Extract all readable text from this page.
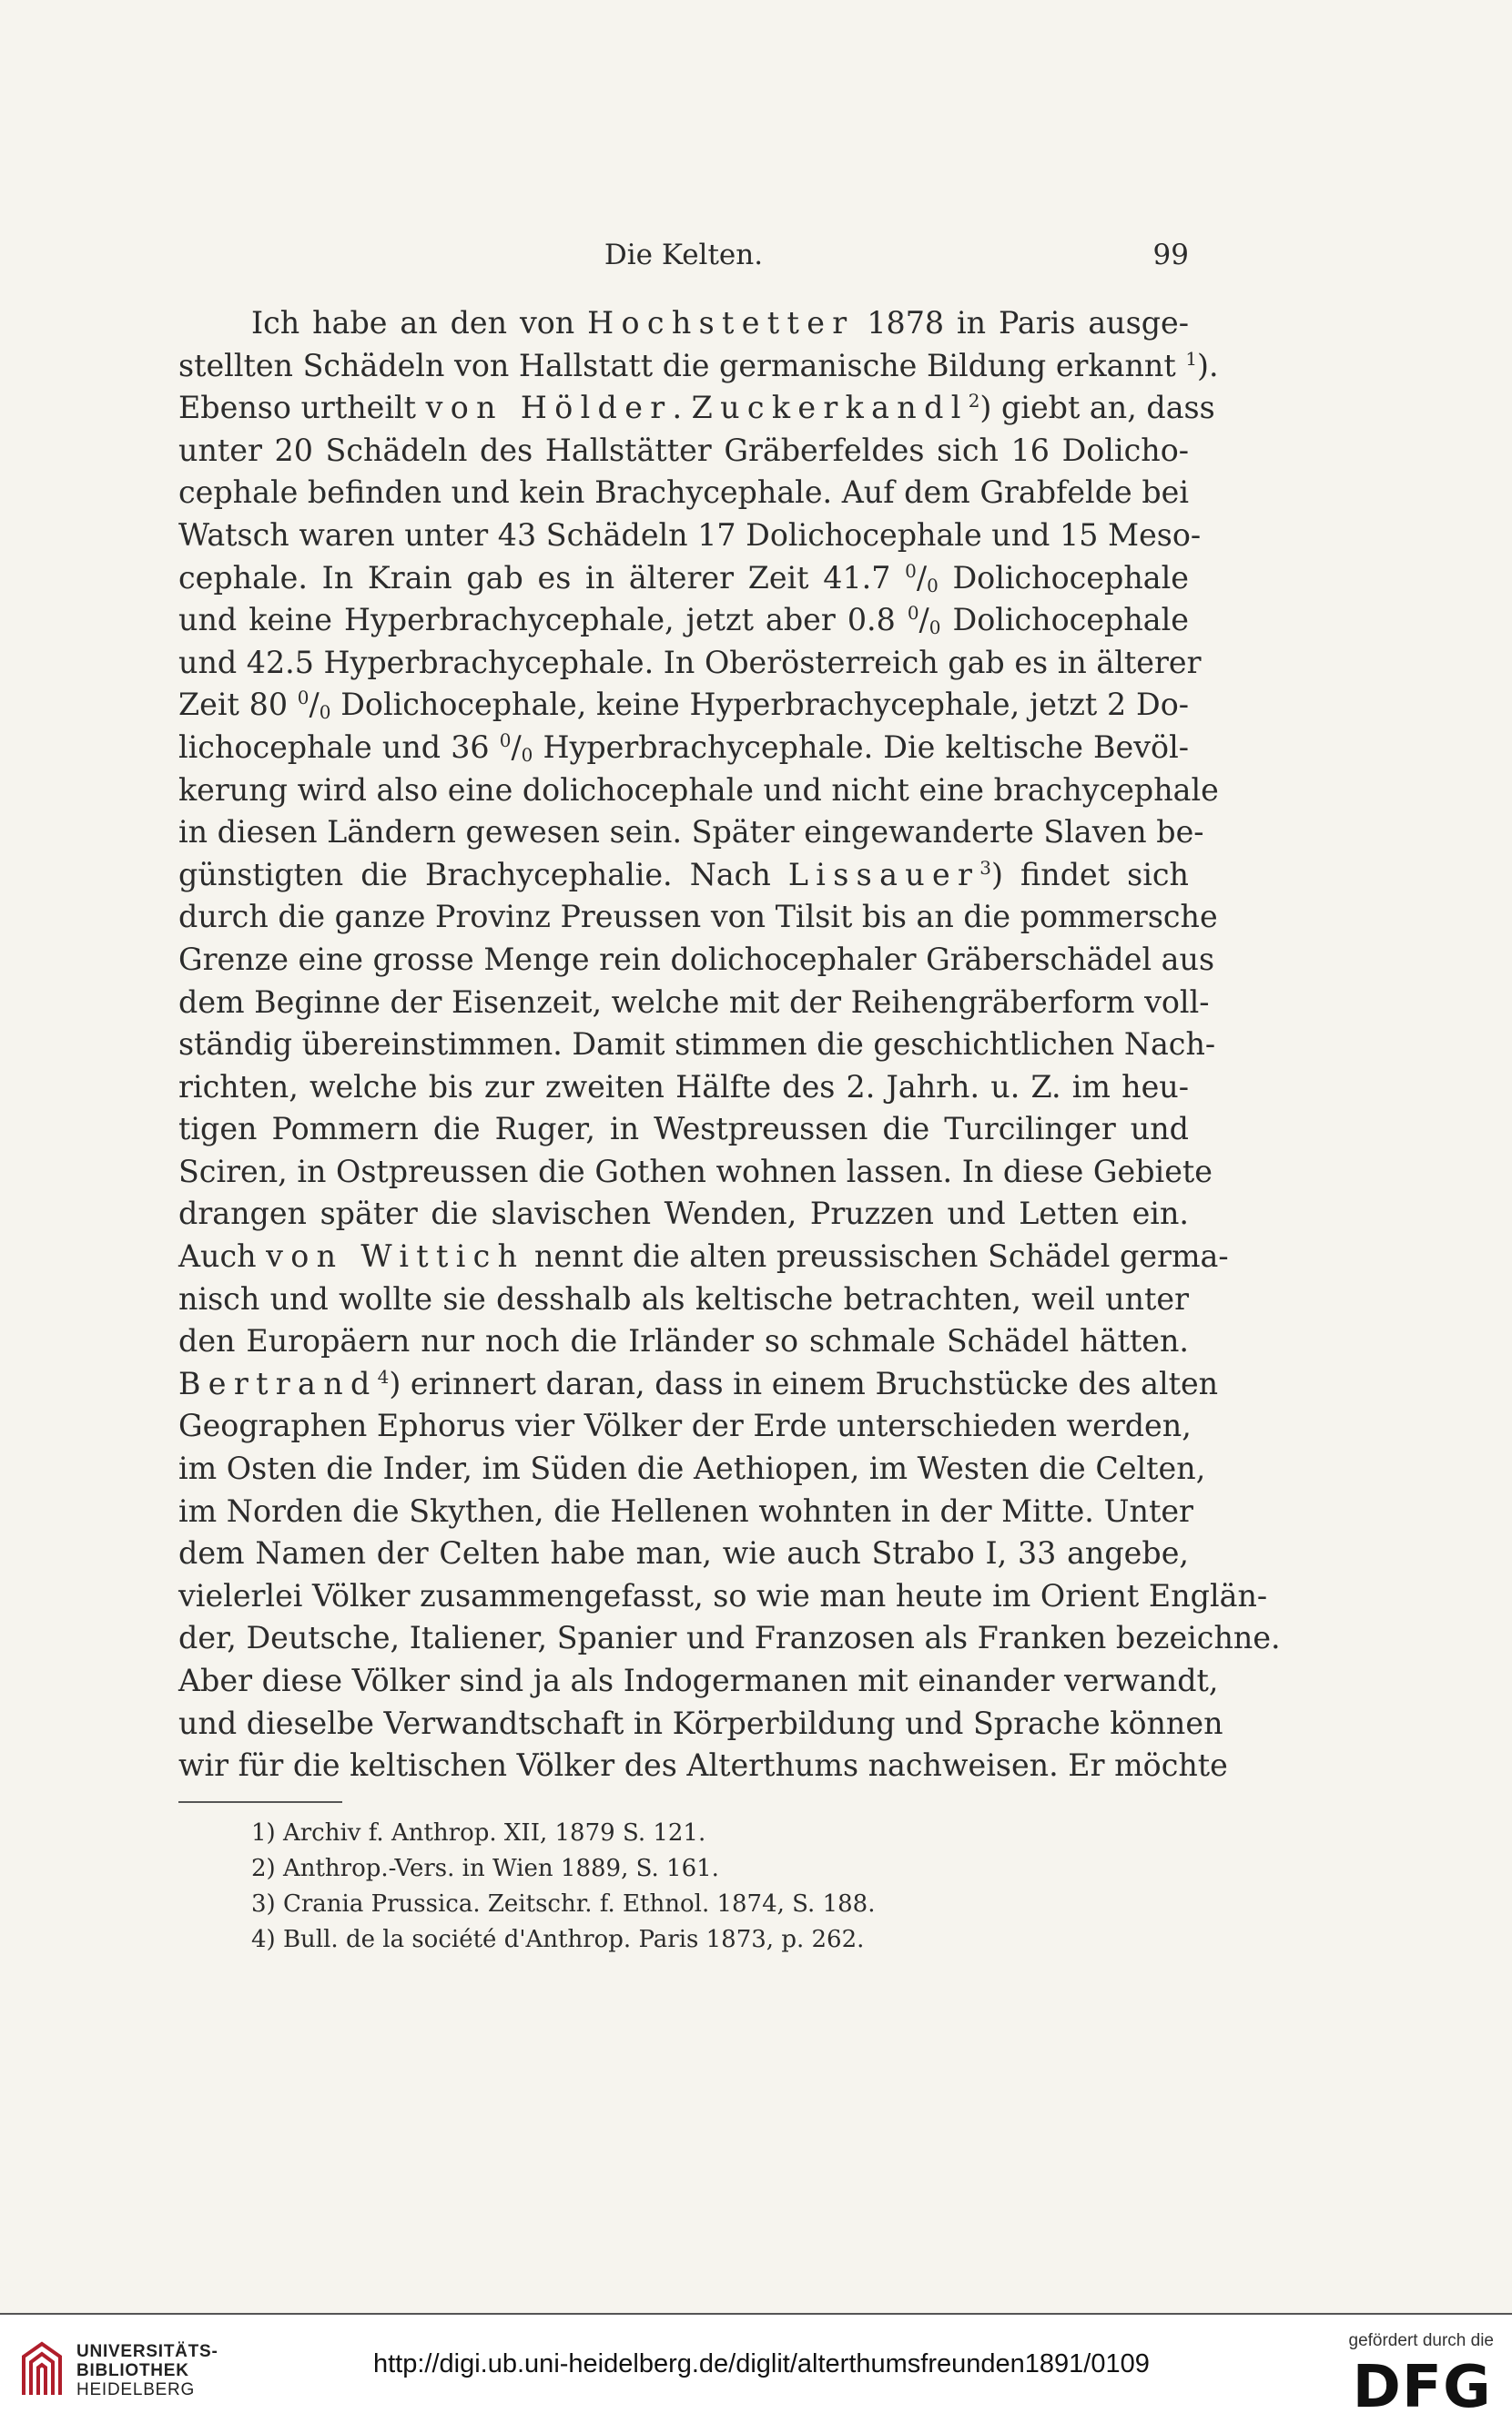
Die Kelten.	99
Ich habe an den von Hochstetter 1878 in Paris ausge-
stellten Schädeln von Hallstatt die germanische Bildung erkannt $^1$).
Ebenso urtheilt von Hölder. Zuckerkandl$^2$) giebt an, dass
unter 20 Schädeln des Hallstätter Gräberfeldes sich 16 Dolicho-
cephale befinden und kein Brachycephale. Auf dem Grabfelde bei
Watsch waren unter 43 Schädeln 17 Dolichocephale und 15 Meso-
cephale. In Krain gab es in älterer Zeit 41.7 $^0/_0$ Dolichocephale
und keine Hyperbrachycephale, jetzt aber 0.8 $^0/_0$ Dolichocephale
und 42.5 Hyperbrachycephale. In Oberösterreich gab es in älterer
Zeit 80 $^0/_0$ Dolichocephale, keine Hyperbrachycephale, jetzt 2 Do-
lichocephale und 36 $^0/_0$ Hyperbrachycephale. Die keltische Bevöl-
kerung wird also eine dolichocephale und nicht eine brachycephale
in diesen Ländern gewesen sein. Später eingewanderte Slaven be-
günstigten die Brachycephalie. Nach Lissauer$^3$) findet sich
durch die ganze Provinz Preussen von Tilsit bis an die pommersche
Grenze eine grosse Menge rein dolichocephaler Gräberschädel aus
dem Beginne der Eisenzeit, welche mit der Reihengräberform voll-
ständig übereinstimmen. Damit stimmen die geschichtlichen Nach-
richten, welche bis zur zweiten Hälfte des 2. Jahrh. u. Z. im heu-
tigen Pommern die Ruger, in Westpreussen die Turcilinger und
Sciren, in Ostpreussen die Gothen wohnen lassen. In diese Gebiete
drangen später die slavischen Wenden, Pruzzen und Letten ein.
Auch von Wittich nennt die alten preussischen Schädel germa-
nisch und wollte sie desshalb als keltische betrachten, weil unter
den Europäern nur noch die Irländer so schmale Schädel hätten.
Bertrand$^4$) erinnert daran, dass in einem Bruchstücke des alten
Geographen Ephorus vier Völker der Erde unterschieden werden,
im Osten die Inder, im Süden die Aethiopen, im Westen die Celten,
im Norden die Skythen, die Hellenen wohnten in der Mitte. Unter
dem Namen der Celten habe man, wie auch Strabo I, 33 angebe,
vielerlei Völker zusammengefasst, so wie man heute im Orient Englän-
der, Deutsche, Italiener, Spanier und Franzosen als Franken bezeichne.
Aber diese Völker sind ja als Indogermanen mit einander verwandt,
und dieselbe Verwandtschaft in Körperbildung und Sprache können
wir für die keltischen Völker des Alterthums nachweisen. Er möchte
1) Archiv f. Anthrop. XII, 1879 S. 121.
2) Anthrop.-Vers. in Wien 1889, S. 161.
3) Crania Prussica. Zeitschr. f. Ethnol. 1874, S. 188.
4) Bull. de la société d'Anthrop. Paris 1873, p. 262.
UNIVERSITÄTS-
BIBLIOTHEK
HEIDELBERG
http://digi.ub.uni-heidelberg.de/diglit/alterthumsfreunden1891/0109
gefördert durch die
DFG
